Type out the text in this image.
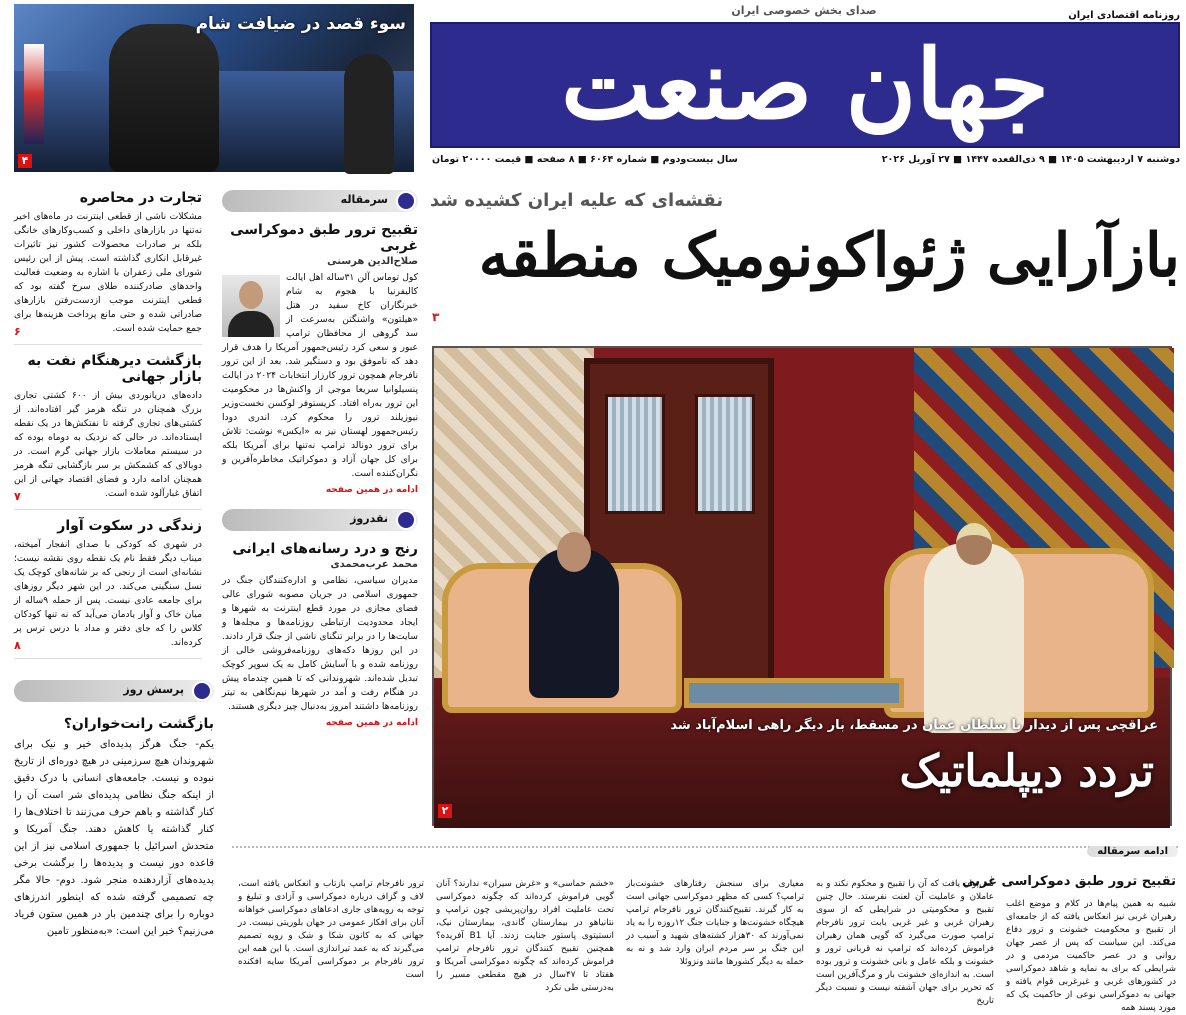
روزنامه اقتصادی ایران
صدای بخش خصوصی ایران
جهان صنعت
دوشنبه ۷ اردیبهشت ۱۴۰۵ ■ ۹ ذی‌القعده ۱۴۴۷ ■ ۲۷ آوریل ۲۰۲۶
سال بیست‌ودوم ■ شماره ۶۰۶۴ ■ ۸ صفحه ■ قیمت ۲۰۰۰۰ تومان
سوء قصد در ضیافت شام
۴
تجارت در محاصره
مشکلات ناشی از قطعی اینترنت در ماه‌های اخیر نه‌تنها در بازارهای داخلی و کسب‌وکارهای خانگی بلکه بر صادرات محصولات کشور نیز تاثیرات غیرقابل انکاری گذاشته است. پیش از این رئیس شورای ملی زعفران با اشاره به وضعیت فعالیت واحدهای صادرکننده طلای سرخ گفته بود که قطعی اینترنت موجب ازدست‌رفتن بازارهای صادراتی شده و حتی مانع پرداخت هزینه‌ها برای جمع حمایت شده است.
۶
بازگشت دیرهنگام نفت به بازار جهانی
داده‌های دریانوردی بیش از ۶۰۰ کشتی تجاری بزرگ همچنان در تنگه هرمز گیر افتاده‌اند. از کشتی‌های تجاری گرفته تا نفتکش‌ها در یک نقطه ایستاده‌اند. در حالی که نزدیک به دوماه بوده که در سیستم معاملات بازار جهانی گرم است. در دوبالای که کشمکش بر سر بازگشایی تنگه هرمز همچنان ادامه دارد و فضای اقتصاد جهانی از این اتفاق غبارآلود شده است.
۷
زندگی در سکوت آوار
در شهری که کودکی با صدای انفجار آمیخته، میناب دیگر فقط نام یک نقطه روی نقشه نیست؛ نشانه‌ای است از رنجی که بر شانه‌های کوچک یک نسل سنگینی می‌کند. در این شهر دیگر روزهای برای جامعه عادی نیست. پس از حمله ۹ساله از میان خاک و آوار یادمان می‌آید که نه تنها کودکان کلاس را که جای دفتر و مداد با درس ترس پر کرده‌اند.
۸
پرسش روز
بازگشت رانت‌خواران؟
یکم- جنگ هرگز پدیده‌ای خیر و نیک برای شهروندان هیچ سرزمینی در هیچ دوره‌ای از تاریخ نبوده و نیست. جامعه‌های انسانی با درک دقیق از اینکه جنگ نظامی پدیده‌ای شر است آن را کنار گذاشته و باهم حرف می‌زنند تا اختلاف‌ها را کنار گذاشته یا کاهش دهند. جنگ آمریکا و متحدش اسرائیل با جمهوری اسلامی نیز از این قاعده دور نیست و پدیده‌ها را برگشت برخی پدیده‌های آزاردهنده منجر شود. دوم- حالا مگر چه تصمیمی گرفته شده که اینطور اندرزهای دوباره را برای چندمین بار در همین ستون فریاد می‌زنیم؟ خبر این است: «به‌منظور تامین
سرمقاله
تقبیح ترور طبق دموکراسی غربی
صلاح‌الدین هرسنی
کول توماس آلن ۳۱ساله اهل ایالت کالیفرنیا با هجوم به شام خبرنگاران کاخ سفید در هتل «هیلتون» واشنگتن به‌سرعت از سد گروهی از محافظان ترامپ عبور و سعی کرد رئیس‌جمهور آمریکا را هدف قرار دهد که ناموفق بود و دستگیر شد. بعد از این ترور نافرجام همچون ترور کارزار انتخابات ۲۰۲۴ در ایالت پنسیلوانیا سریعا موجی از واکنش‌ها در محکومیت این ترور به‌راه افتاد. کریستوفر لوکسن نخست‌وزیر نیوزیلند ترور را محکوم کرد. اندری دودا رئیس‌جمهور لهستان نیز به «ایکس» نوشت: تلاش برای ترور دونالد ترامپ نه‌تنها برای آمریکا بلکه برای کل جهان آزاد و دموکراتیک مخاطره‌آفرین و نگران‌کننده است.
ادامه در همین صفحه
نقدروز
رنج و درد رسانه‌های ایرانی
محمد عرب‌محمدی
مدیران سیاسی، نظامی و اداره‌کنندگان جنگ در جمهوری اسلامی در جریان مصوبه شورای عالی فضای مجازی در مورد قطع اینترنت به شهرها و ایجاد محدودیت ارتباطی روزنامه‌ها و مجله‌ها و سایت‌ها را در برابر تنگنای ناشی از جنگ قرار دادند. در این روزها دکه‌های روزنامه‌فروشی خالی از روزنامه شده و با آسایش کامل به یک سوپر کوچک تبدیل شده‌اند. شهروندانی که تا همین چندماه پیش در هنگام رفت و آمد در شهرها نیم‌نگاهی به تیتر روزنامه‌ها داشتند امروز به‌دنبال چیز دیگری هستند.
ادامه در همین صفحه
نقشه‌ای که علیه ایران کشیده شد
بازآرایی ژئواکونومیک منطقه
۳
عراقچی پس از دیدار با سلطان عمان در مسقط، بار دیگر راهی اسلام‌آباد شد
تردد دیپلماتیک
۲
ادامه سرمقاله
تقبیح ترور طبق دموکراسی غربی
شبیه به همین پیام‌ها در کلام و موضع اغلب رهبران غربی نیز انعکاس یافته که از جامعه‌ای از تقبیح و محکومیت خشونت و ترور دفاع می‌کند. این سیاست که پس از عصر جهان روانی و در عصر حاکمیت مردمی و در شرایطی که برای به نمایه و شاهد دموکراسی در کشورهای غربی و غیرغربی قوام یافته و جهانی به دموکراسی نوعی از حاکمیت یک که مورد پسند همه
نمی‌توان یافت که آن را تقبیح و محکوم نکند و به عاملان و عاملیت آن لعنت نفرستد. حال چنین تقبیح و محکومیتی در شرایطی که از سوی رهبران غربی و غیر غربی بابت ترور نافرجام ترامپ صورت می‌گیرد که گویی همان رهبران فراموش کرده‌اند که ترامپ نه قربانی ترور و خشونت و بلکه عامل و بانی خشونت و ترور بوده است. به اندازه‌ای خشونت بار و مرگ‌آفرین است که تحریر برای جهان آشفته نیست و نسبت دیگر تاریخ
معیاری برای سنجش رفتارهای خشونت‌بار ترامپ؟ کسی که مظهر دموکراسی جهانی است به کار گیرند. تقبیح‌کنندگان ترور نافرجام ترامپ هیچگاه خشونت‌ها و جنایات جنگ ۱۲روزه را به یاد نمی‌آورند که ۳۰هزار کشته‌های شهید و آسیب در این جنگ بر سر مردم ایران وارد شد و نه به حمله به دیگر کشورها مانند ونزوئلا
«خشم حماسی» و «غرش سیران» ندارند؟ آنان گویی فراموش کرده‌اند که چگونه دموکراسی تحت عاملیت افراد روان‌پریشی چون ترامپ و نتانیاهو در بیمارستان گاندی، بیمارستان نیک، انستیتوی پاستور جنایت زدند. آیا B1 آفریده؟ همچنین تقبیح کنندگان ترور نافرجام ترامپ فراموش کرده‌اند که چگونه دموکراسی آمریکا و هفتاد تا ۴۷سال در هیچ مقطعی مسیر را به‌درستی طی نکرد
ترور نافرجام ترامپ بازتاب و انعکاس یافته است، لاف و گزاف درباره دموکراسی و آزادی و تبلیغ و توجه به رویه‌های جاری ادعاهای دموکراسی خواهانه آنان برای افکار عمومی در جهان بلوریتی نیست. در جهانی که به کانون شکا و شک و رویه تصمیم می‌گیرند که به عمد تیراندازی است. با این همه این ترور نافرجام بر دموکراسی آمریکا سایه افکنده است
